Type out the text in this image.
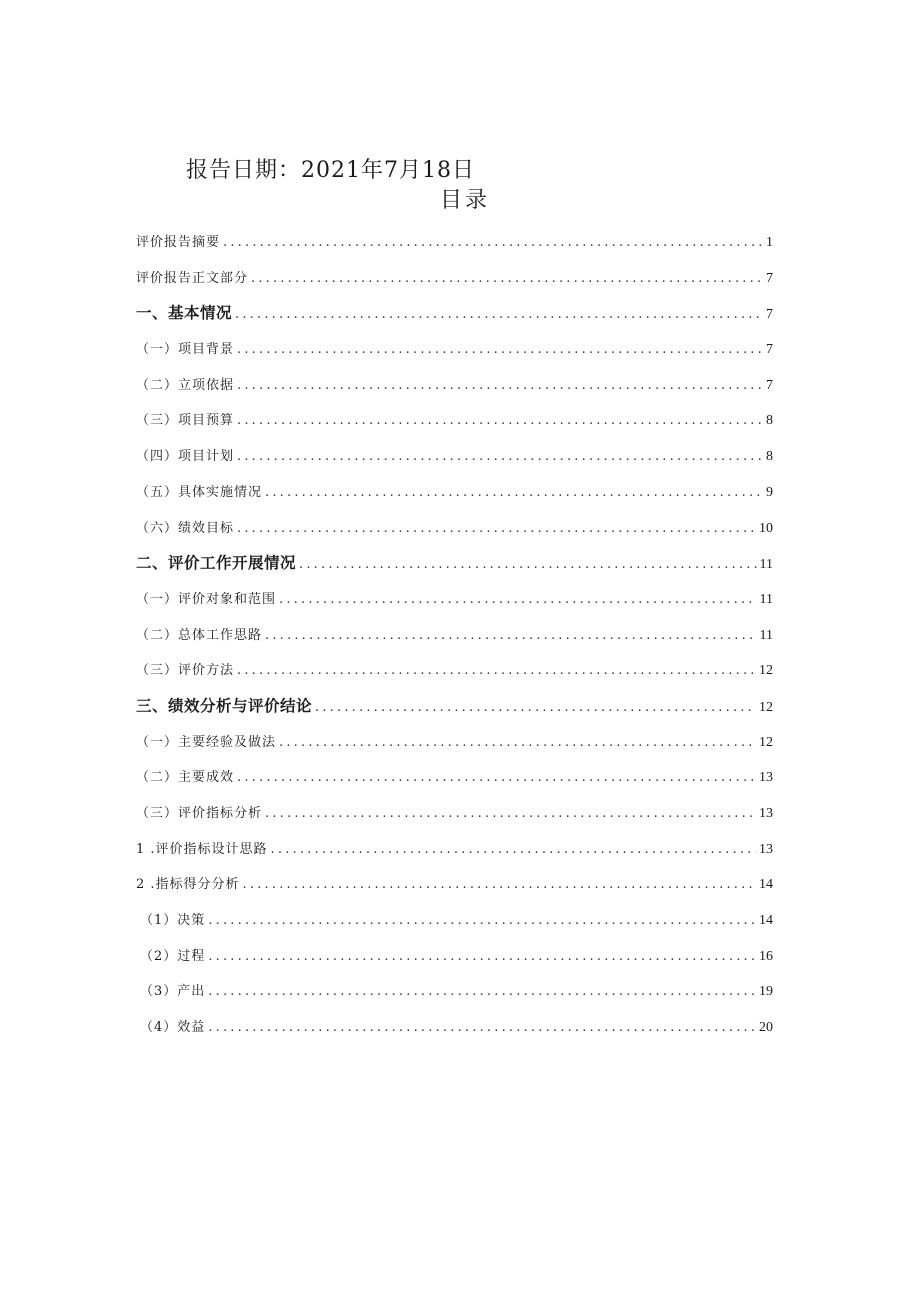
报告日期：2021年7月18日
目录
评价报告摘要 .....	1
评价报告正文部分 .....	7
一、基本情况 .....	7
（一）项目背景 .....	7
（二）立项依据 .....	7
（三）项目预算 .....	8
（四）项目计划 .....	8
（五）具体实施情况 .....	9
（六）绩效目标 .....	10
二、评价工作开展情况 .....	11
（一）评价对象和范围 .....	11
（二）总体工作思路 .....	11
（三）评价方法 .....	12
三、绩效分析与评价结论 .....	12
（一）主要经验及做法 .....	12
（二）主要成效 .....	13
（三）评价指标分析 .....	13
1 .评价指标设计思路 .....	13
2 .指标得分分析 .....	14
（1）决策 .....	14
（2）过程 .....	16
（3）产出 .....	19
（4）效益 .....	20
